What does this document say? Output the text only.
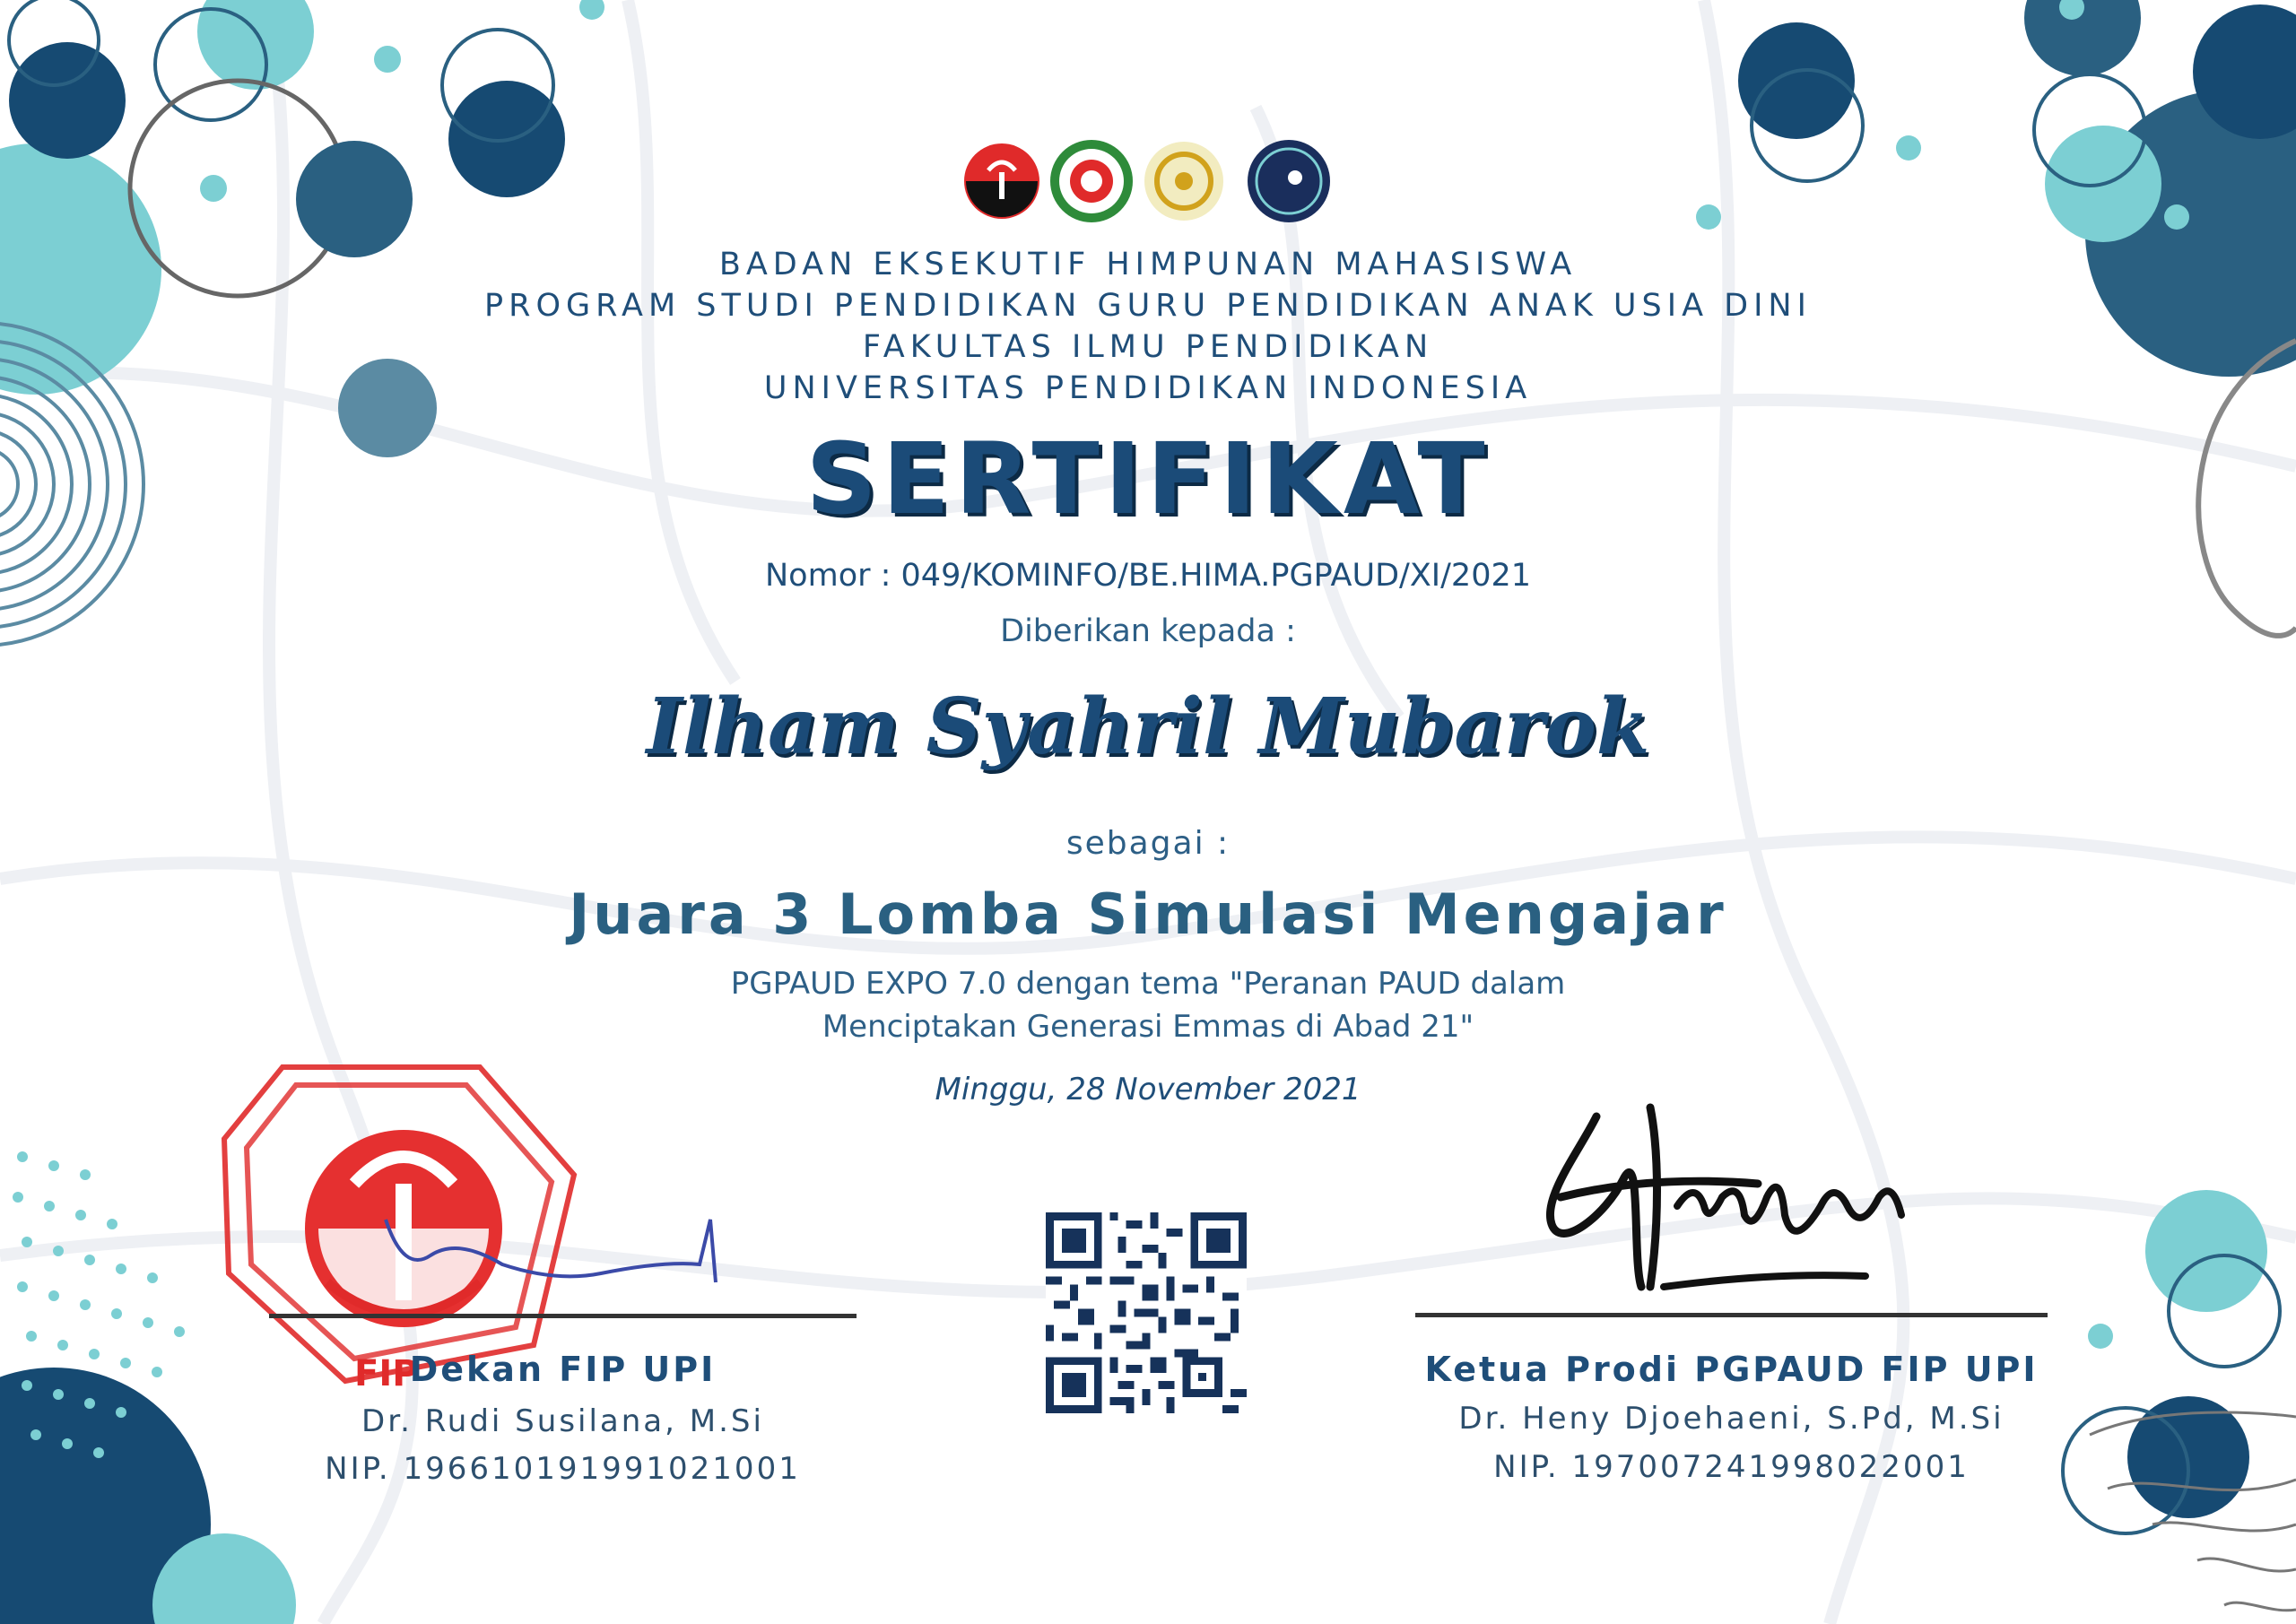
BADAN EKSEKUTIF HIMPUNAN MAHASISWA
PROGRAM STUDI PENDIDIKAN GURU PENDIDIKAN ANAK USIA DINI
FAKULTAS ILMU PENDIDIKAN
UNIVERSITAS PENDIDIKAN INDONESIA
SERTIFIKAT
Nomor : 049/KOMINFO/BE.HIMA.PGPAUD/XI/2021
Diberikan kepada :
Ilham Syahril Mubarok
sebagai :
Juara 3 Lomba Simulasi Mengajar
PGPAUD EXPO 7.0 dengan tema "Peranan PAUD dalam
Menciptakan Generasi Emmas di Abad 21"
Minggu, 28 November 2021
FIP
Dekan FIP UPI
Dr. Rudi Susilana, M.Si
NIP. 196610191991021001
Ketua Prodi PGPAUD FIP UPI
Dr. Heny Djoehaeni, S.Pd, M.Si
NIP. 197007241998022001
